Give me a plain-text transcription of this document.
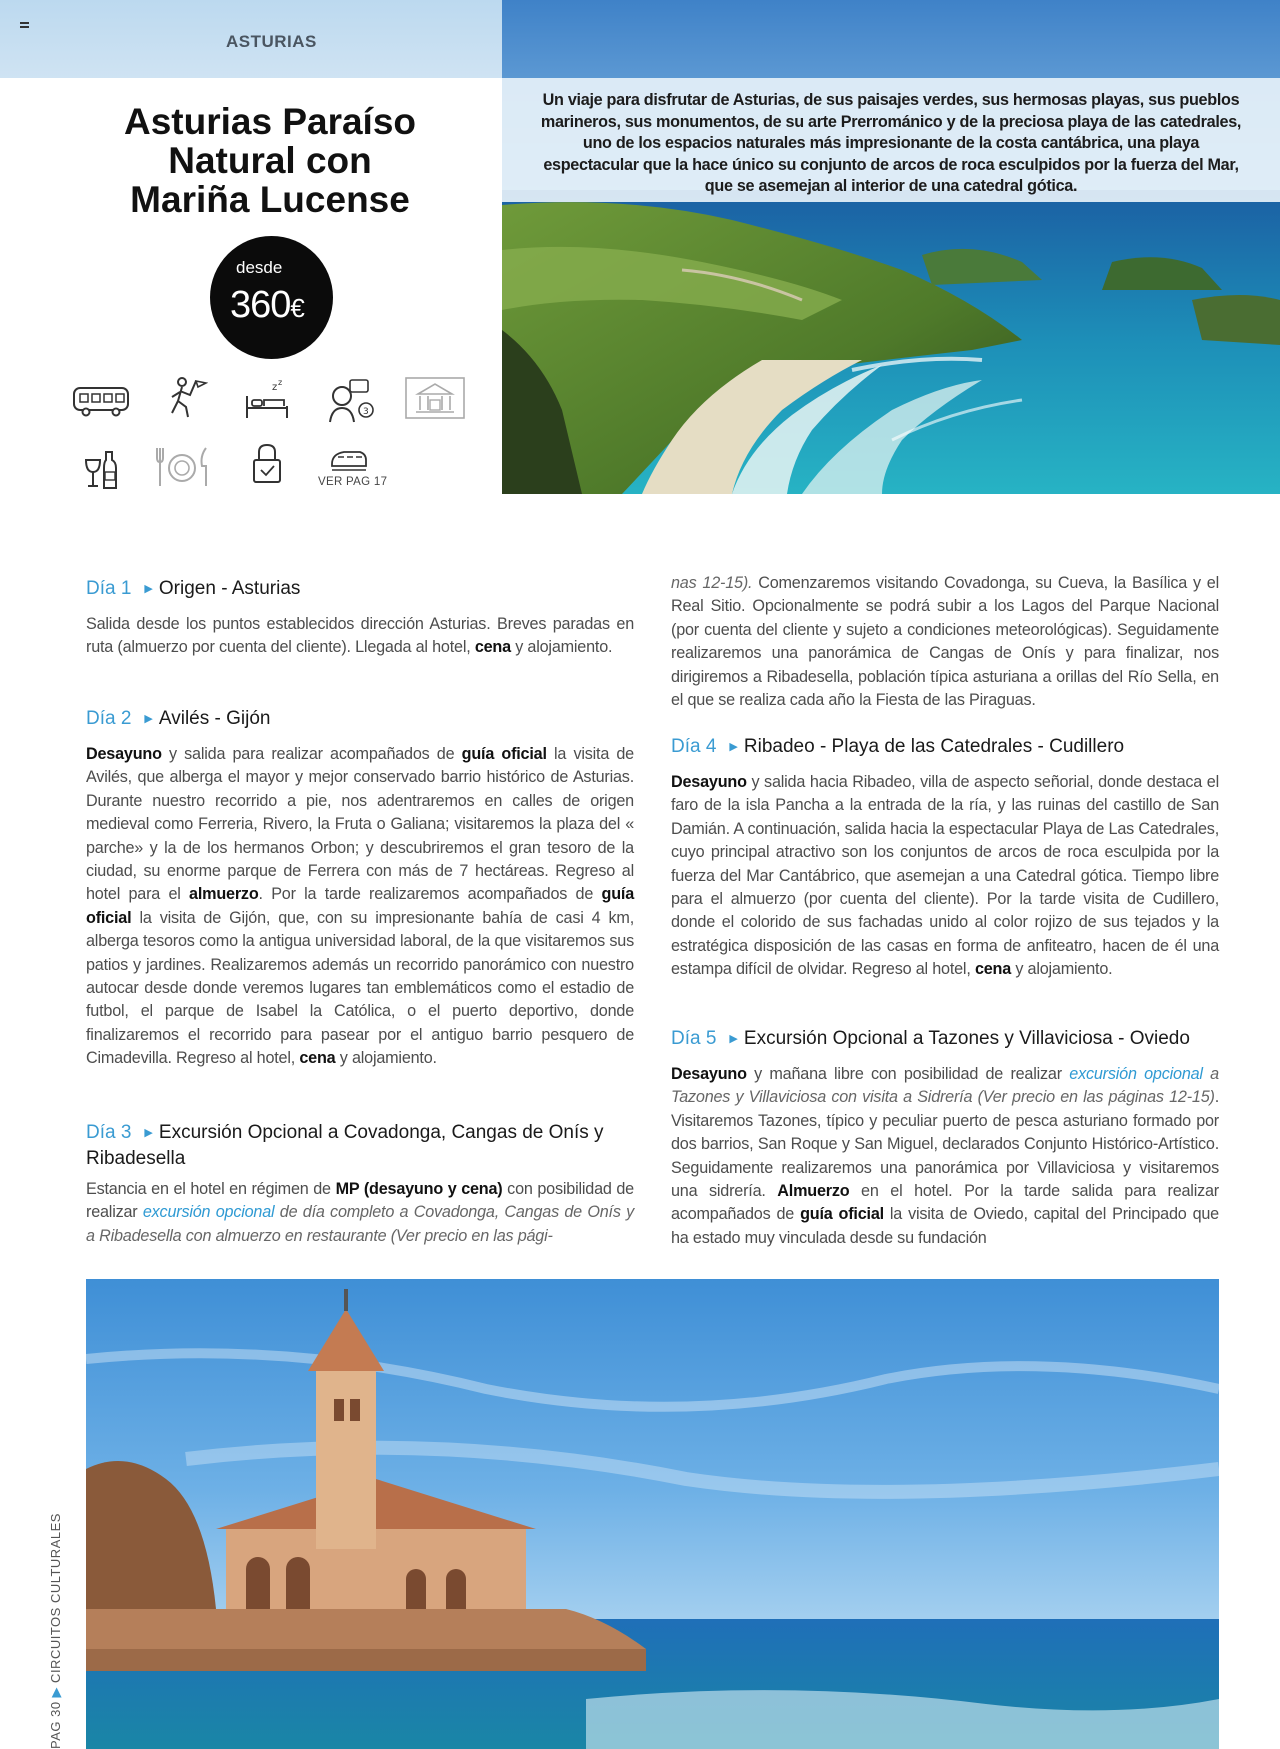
ASTURIAS
Un viaje para disfrutar de Asturias, de sus paisajes verdes, sus hermosas playas, sus pueblos marineros, sus monumentos, de su arte Prerrománico y de la preciosa playa de las catedrales, uno de los espacios naturales más impresionante de la costa cantábrica, una playa espectacular que la hace único su conjunto de arcos de roca esculpidos por la fuerza del Mar, que se asemejan al interior de una catedral gótica.
Asturias Paraíso
Natural con
Mariña Lucense
desde
360€
z z
3
VER PAG 17
Día 1 ▶ Origen - Asturias
Salida desde los puntos establecidos dirección Asturias. Breves paradas en ruta (almuerzo por cuenta del cliente). Llegada al hotel, cena y alojamiento.
Día 2 ▶ Avilés - Gijón
Desayuno y salida para realizar acompañados de guía oficial la visita de Avilés, que alberga el mayor y mejor conservado barrio histórico de Asturias. Durante nuestro recorrido a pie, nos adentraremos en calles de origen medieval como Ferreria, Rivero, la Fruta o Galiana; visitaremos la plaza del « parche» y la de los hermanos Orbon; y descubriremos el gran tesoro de la ciudad, su enorme parque de Ferrera con más de 7 hectáreas. Regreso al hotel para el almuerzo. Por la tarde realizaremos acompañados de guía oficial la visita de Gijón, que, con su impresionante bahía de casi 4 km, alberga tesoros como la antigua universidad laboral, de la que visitaremos sus patios y jardines. Realizaremos además un recorrido panorámico con nuestro autocar desde donde veremos lugares tan emblemáticos como el estadio de futbol, el parque de Isabel la Católica, o el puerto deportivo, donde finalizaremos el recorrido para pasear por el antiguo barrio pesquero de Cimadevilla. Regreso al hotel, cena y alojamiento.
Día 3 ▶ Excursión Opcional a Covadonga, Cangas de Onís y Ribadesella
Estancia en el hotel en régimen de MP (desayuno y cena) con posibilidad de realizar excursión opcional de día completo a Covadonga, Cangas de Onís y a Ribadesella con almuerzo en restaurante (Ver precio en las pági-
nas 12-15). Comenzaremos visitando Covadonga, su Cueva, la Basílica y el Real Sitio. Opcionalmente se podrá subir a los Lagos del Parque Nacional (por cuenta del cliente y sujeto a condiciones meteorológicas). Seguidamente realizaremos una panorámica de Cangas de Onís y para finalizar, nos dirigiremos a Ribadesella, población típica asturiana a orillas del Río Sella, en el que se realiza cada año la Fiesta de las Piraguas.
Día 4 ▶ Ribadeo - Playa de las Catedrales - Cudillero
Desayuno y salida hacia Ribadeo, villa de aspecto señorial, donde destaca el faro de la isla Pancha a la entrada de la ría, y las ruinas del castillo de San Damián. A continuación, salida hacia la espectacular Playa de Las Catedrales, cuyo principal atractivo son los conjuntos de arcos de roca esculpida por la fuerza del Mar Cantábrico, que asemejan a una Catedral gótica. Tiempo libre para el almuerzo (por cuenta del cliente). Por la tarde visita de Cudillero, donde el colorido de sus fachadas unido al color rojizo de sus tejados y la estratégica disposición de las casas en forma de anfiteatro, hacen de él una estampa difícil de olvidar. Regreso al hotel, cena y alojamiento.
Día 5 ▶ Excursión Opcional a Tazones y Villaviciosa - Oviedo
Desayuno y mañana libre con posibilidad de realizar excursión opcional a Tazones y Villaviciosa con visita a Sidrería (Ver precio en las páginas 12-15). Visitaremos Tazones, típico y peculiar puerto de pesca asturiano formado por dos barrios, San Roque y San Miguel, declarados Conjunto Histórico-Artístico. Seguidamente realizaremos una panorámica por Villaviciosa y visitaremos una sidrería. Almuerzo en el hotel. Por la tarde salida para realizar acompañados de guía oficial la visita de Oviedo, capital del Principado que ha estado muy vinculada desde su fundación
PAG 30▶CIRCUITOS CULTURALES
